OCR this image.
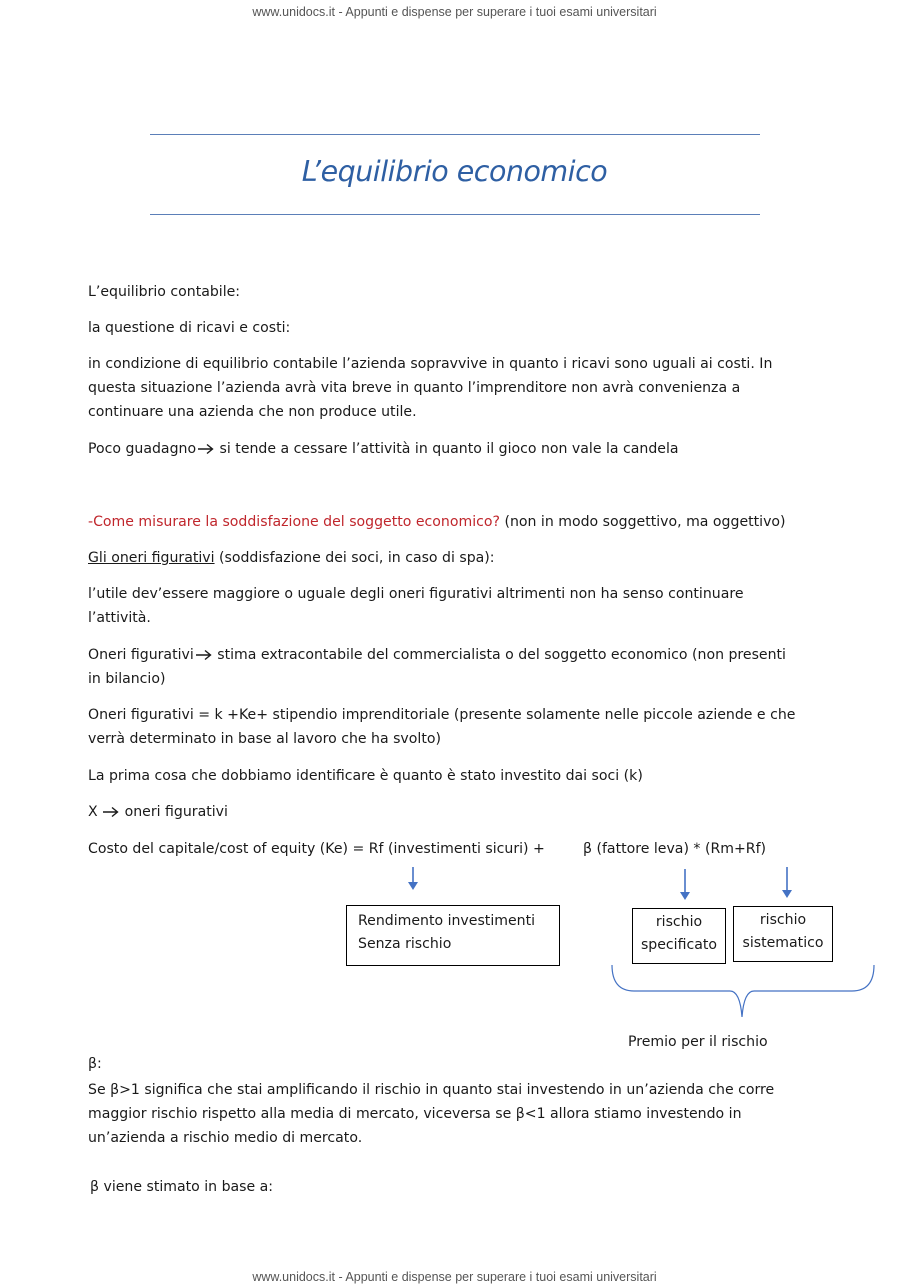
www.unidocs.it - Appunti e dispense per superare i tuoi esami universitari
L’equilibrio economico
L’equilibrio contabile:
la questione di ricavi e costi:
in condizione di equilibrio contabile l’azienda sopravvive in quanto i ricavi sono uguali ai costi. In
questa situazione l’azienda avrà vita breve in quanto l’imprenditore non avrà convenienza a
continuare una azienda che non produce utile.
Poco guadagno si tende a cessare l’attività in quanto il gioco non vale la candela
-Come misurare la soddisfazione del soggetto economico? (non in modo soggettivo, ma oggettivo)
Gli oneri figurativi (soddisfazione dei soci, in caso di spa):
l’utile dev’essere maggiore o uguale degli oneri figurativi altrimenti non ha senso continuare
l’attività.
Oneri figurativi stima extracontabile del commercialista o del soggetto economico (non presenti
in bilancio)
Oneri figurativi = k +Ke+ stipendio imprenditoriale (presente solamente nelle piccole aziende e che
verrà determinato in base al lavoro che ha svolto)
La prima cosa che dobbiamo identificare è quanto è stato investito dai soci (k)
X  oneri figurativi
Costo del capitale/cost of equity (Ke) = Rf (investimenti sicuri) +	β (fattore leva) * (Rm+Rf)
Rendimento investimenti
Senza rischio
rischio
specificato
rischio
sistematico
Premio per il rischio
β:
Se β>1 significa che stai amplificando il rischio in quanto stai investendo in un’azienda che corre
maggior rischio rispetto alla media di mercato, viceversa se β<1 allora stiamo investendo in
un’azienda a rischio medio di mercato.
β viene stimato in base a:
www.unidocs.it - Appunti e dispense per superare i tuoi esami universitari
